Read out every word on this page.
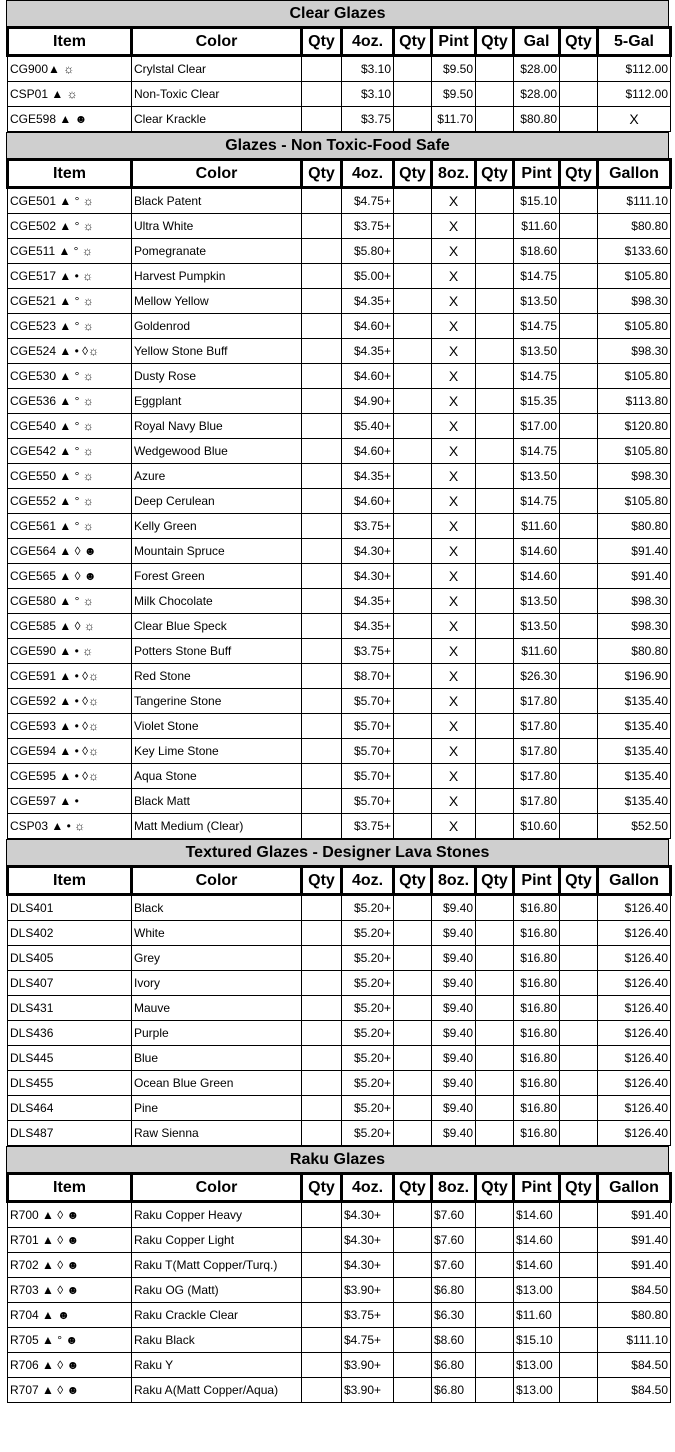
Clear Glazes
Item	Color	Qty	4oz.	Qty	Pint	Qty	Gal	Qty	5-Gal
CG900▲ ☼	Crylstal Clear		$3.10		$9.50		$28.00		$112.00
CSP01 ▲ ☼	Non-Toxic Clear		$3.10		$9.50		$28.00		$112.00
CGE598 ▲ ☻	Clear Krackle		$3.75		$11.70		$80.80		X
Glazes - Non Toxic-Food Safe
Item	Color	Qty	4oz.	Qty	8oz.	Qty	Pint	Qty	Gallon
CGE501 ▲ ° ☼	Black Patent		$4.75+		X		$15.10		$111.10
CGE502 ▲ ° ☼	Ultra White		$3.75+		X		$11.60		$80.80
CGE511 ▲ ° ☼	Pomegranate		$5.80+		X		$18.60		$133.60
CGE517 ▲ • ☼	Harvest Pumpkin		$5.00+		X		$14.75		$105.80
CGE521 ▲ ° ☼	Mellow Yellow		$4.35+		X		$13.50		$98.30
CGE523 ▲ ° ☼	Goldenrod		$4.60+		X		$14.75		$105.80
CGE524 ▲ • ◊☼	Yellow Stone Buff		$4.35+		X		$13.50		$98.30
CGE530 ▲ ° ☼	Dusty Rose		$4.60+		X		$14.75		$105.80
CGE536 ▲ ° ☼	Eggplant		$4.90+		X		$15.35		$113.80
CGE540 ▲ ° ☼	Royal Navy Blue		$5.40+		X		$17.00		$120.80
CGE542 ▲ ° ☼	Wedgewood Blue		$4.60+		X		$14.75		$105.80
CGE550 ▲ ° ☼	Azure		$4.35+		X		$13.50		$98.30
CGE552 ▲ ° ☼	Deep Cerulean		$4.60+		X		$14.75		$105.80
CGE561 ▲ ° ☼	Kelly Green		$3.75+		X		$11.60		$80.80
CGE564 ▲ ◊ ☻	Mountain Spruce		$4.30+		X		$14.60		$91.40
CGE565 ▲ ◊ ☻	Forest Green		$4.30+		X		$14.60		$91.40
CGE580 ▲ ° ☼	Milk Chocolate		$4.35+		X		$13.50		$98.30
CGE585 ▲ ◊ ☼	Clear Blue Speck		$4.35+		X		$13.50		$98.30
CGE590 ▲ • ☼	Potters Stone Buff		$3.75+		X		$11.60		$80.80
CGE591 ▲ • ◊☼	Red Stone		$8.70+		X		$26.30		$196.90
CGE592 ▲ • ◊☼	Tangerine Stone		$5.70+		X		$17.80		$135.40
CGE593 ▲ • ◊☼	Violet Stone		$5.70+		X		$17.80		$135.40
CGE594 ▲ • ◊☼	Key Lime Stone		$5.70+		X		$17.80		$135.40
CGE595 ▲ • ◊☼	Aqua Stone		$5.70+		X		$17.80		$135.40
CGE597 ▲ •	Black Matt		$5.70+		X		$17.80		$135.40
CSP03 ▲ • ☼	Matt Medium (Clear)		$3.75+		X		$10.60		$52.50
Textured Glazes - Designer Lava Stones
Item	Color	Qty	4oz.	Qty	8oz.	Qty	Pint	Qty	Gallon
DLS401	Black		$5.20+		$9.40		$16.80		$126.40
DLS402	White		$5.20+		$9.40		$16.80		$126.40
DLS405	Grey		$5.20+		$9.40		$16.80		$126.40
DLS407	Ivory		$5.20+		$9.40		$16.80		$126.40
DLS431	Mauve		$5.20+		$9.40		$16.80		$126.40
DLS436	Purple		$5.20+		$9.40		$16.80		$126.40
DLS445	Blue		$5.20+		$9.40		$16.80		$126.40
DLS455	Ocean Blue Green		$5.20+		$9.40		$16.80		$126.40
DLS464	Pine		$5.20+		$9.40		$16.80		$126.40
DLS487	Raw Sienna		$5.20+		$9.40		$16.80		$126.40
Raku Glazes
Item	Color	Qty	4oz.	Qty	8oz.	Qty	Pint	Qty	Gallon
R700 ▲ ◊ ☻	Raku Copper Heavy		$4.30+		$7.60		$14.60		$91.40
R701 ▲ ◊ ☻	Raku Copper Light		$4.30+		$7.60		$14.60		$91.40
R702 ▲ ◊ ☻	Raku T(Matt Copper/Turq.)		$4.30+		$7.60		$14.60		$91.40
R703 ▲ ◊ ☻	Raku OG (Matt)		$3.90+		$6.80		$13.00		$84.50
R704 ▲ ☻	Raku Crackle Clear		$3.75+		$6.30		$11.60		$80.80
R705 ▲ ° ☻	Raku Black		$4.75+		$8.60		$15.10		$111.10
R706 ▲ ◊ ☻	Raku Y		$3.90+		$6.80		$13.00		$84.50
R707 ▲ ◊ ☻	Raku A(Matt Copper/Aqua)		$3.90+		$6.80		$13.00		$84.50
